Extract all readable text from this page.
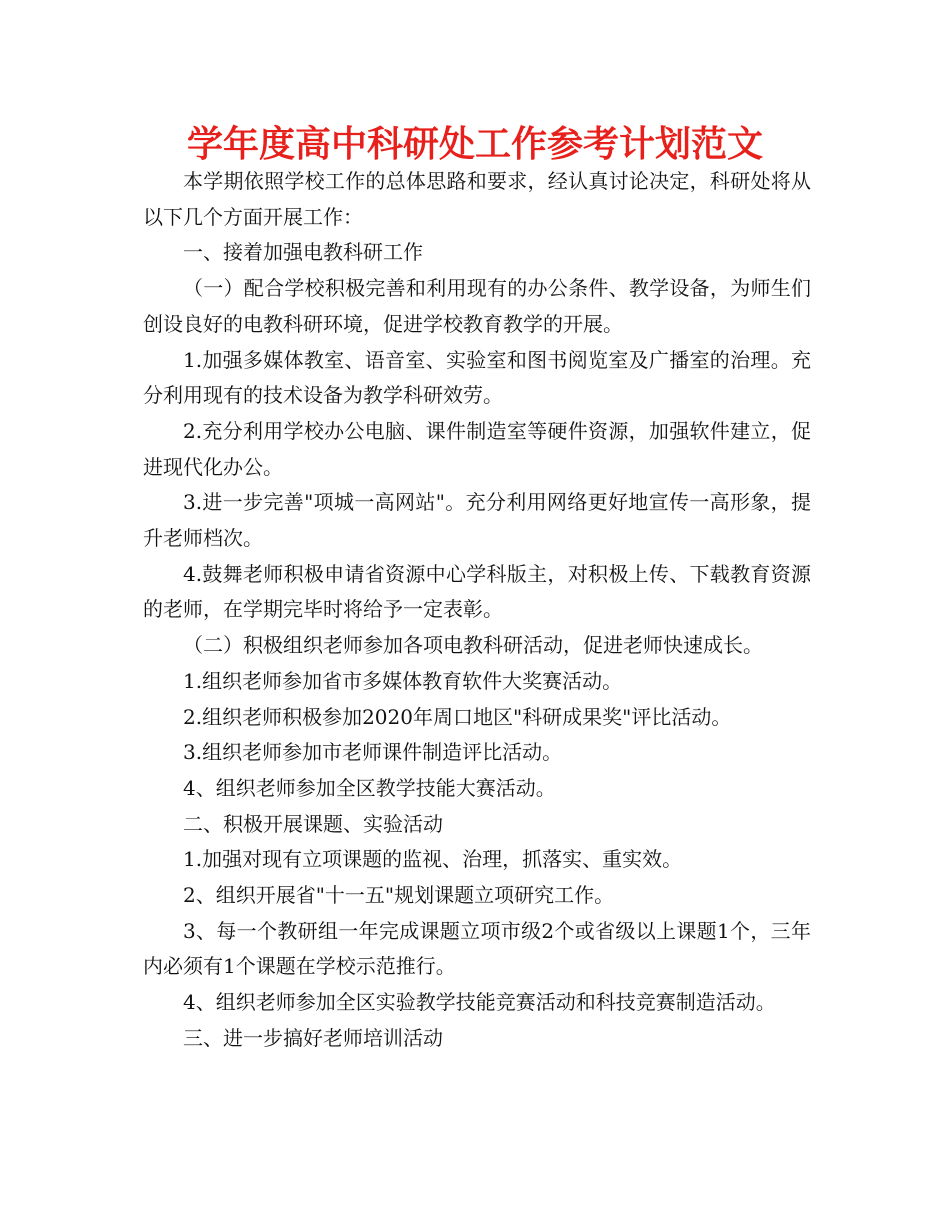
学年度高中科研处工作参考计划范文

本学期依照学校工作的总体思路和要求，经认真讨论决定，科研处将从以下几个方面开展工作：

一、接着加强电教科研工作

（一）配合学校积极完善和利用现有的办公条件、教学设备，为师生们创设良好的电教科研环境，促进学校教育教学的开展。

1.加强多媒体教室、语音室、实验室和图书阅览室及广播室的治理。充分利用现有的技术设备为教学科研效劳。

2.充分利用学校办公电脑、课件制造室等硬件资源，加强软件建立，促进现代化办公。

3.进一步完善"项城一高网站"。充分利用网络更好地宣传一高形象，提升老师档次。

4.鼓舞老师积极申请省资源中心学科版主，对积极上传、下载教育资源的老师，在学期完毕时将给予一定表彰。

（二）积极组织老师参加各项电教科研活动，促进老师快速成长。

1.组织老师参加省市多媒体教育软件大奖赛活动。

2.组织老师积极参加2020年周口地区"科研成果奖"评比活动。

3.组织老师参加市老师课件制造评比活动。

4、组织老师参加全区教学技能大赛活动。

二、积极开展课题、实验活动

1.加强对现有立项课题的监视、治理，抓落实、重实效。

2、组织开展省"十一五"规划课题立项研究工作。

3、每一个教研组一年完成课题立项市级2个或省级以上课题1个，三年内必须有1个课题在学校示范推行。

4、组织老师参加全区实验教学技能竞赛活动和科技竞赛制造活动。

三、进一步搞好老师培训活动
